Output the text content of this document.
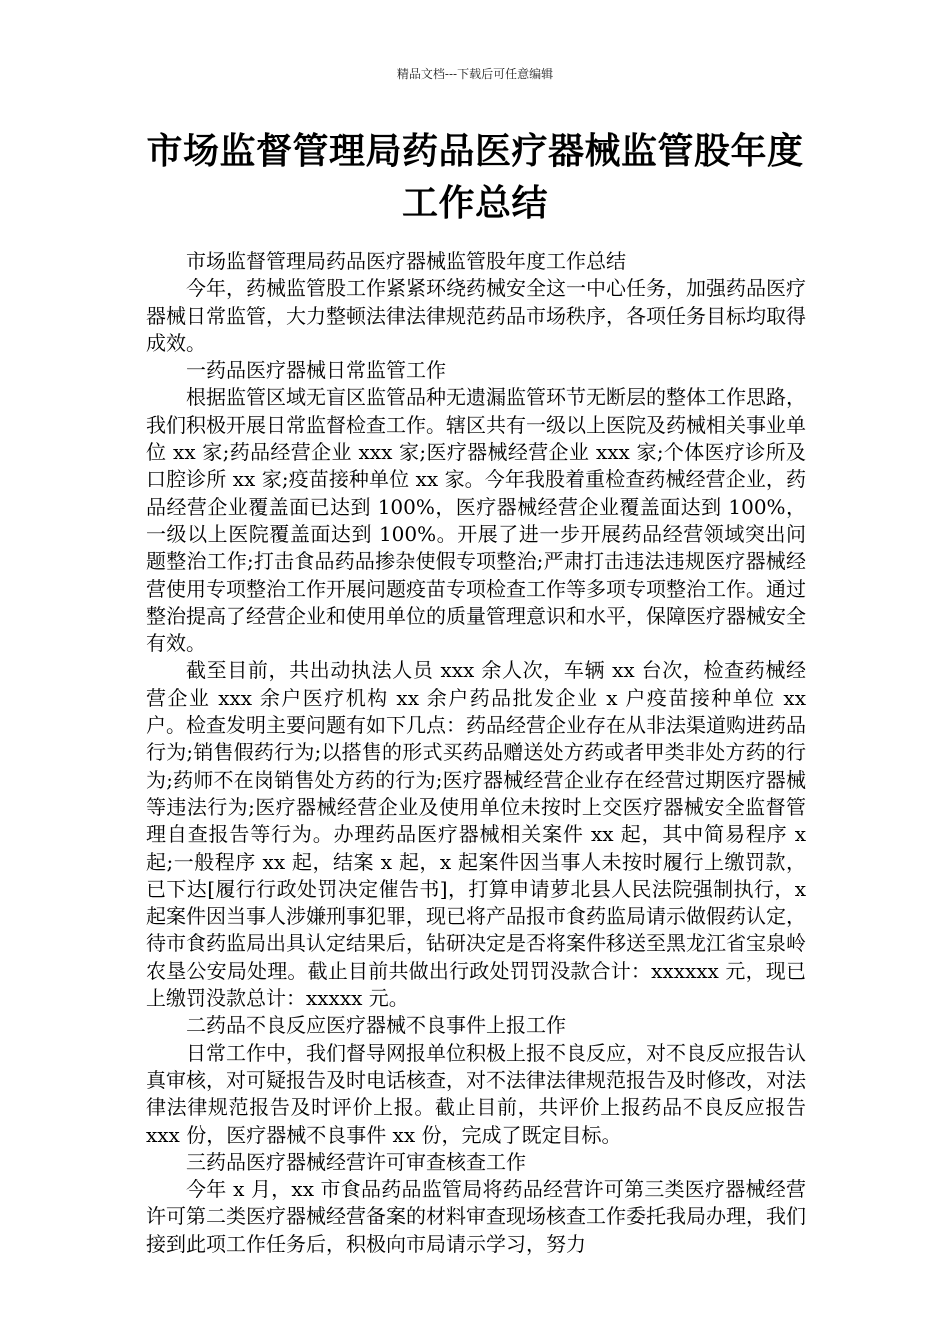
精品文档---下载后可任意编辑
市场监督管理局药品医疗器械监管股年度工作总结

市场监督管理局药品医疗器械监管股年度工作总结

今年，药械监管股工作紧紧环绕药械安全这一中心任务，加强药品医疗器械日常监管，大力整顿法律法律规范药品市场秩序，各项任务目标均取得成效。

一药品医疗器械日常监管工作

根据监管区域无盲区监管品种无遗漏监管环节无断层的整体工作思路，我们积极开展日常监督检查工作。辖区共有一级以上医院及药械相关事业单位 xx 家;药品经营企业 xxx 家;医疗器械经营企业 xxx 家;个体医疗诊所及口腔诊所 xx 家;疫苗接种单位 xx 家。今年我股着重检查药械经营企业，药品经营企业覆盖面已达到 100%，医疗器械经营企业覆盖面达到 100%，一级以上医院覆盖面达到 100%。开展了进一步开展药品经营领域突出问题整治工作;打击食品药品掺杂使假专项整治;严肃打击违法违规医疗器械经营使用专项整治工作开展问题疫苗专项检查工作等多项专项整治工作。通过整治提高了经营企业和使用单位的质量管理意识和水平，保障医疗器械安全有效。

截至目前，共出动执法人员 xxx 余人次，车辆 xx 台次，检查药械经营企业 xxx 余户医疗机构 xx 余户药品批发企业 x 户疫苗接种单位 xx 户。检查发明主要问题有如下几点：药品经营企业存在从非法渠道购进药品行为;销售假药行为;以搭售的形式买药品赠送处方药或者甲类非处方药的行为;药师不在岗销售处方药的行为;医疗器械经营企业存在经营过期医疗器械等违法行为;医疗器械经营企业及使用单位未按时上交医疗器械安全监督管理自查报告等行为。办理药品医疗器械相关案件 xx 起，其中简易程序 x 起;一般程序 xx 起，结案 x 起，x 起案件因当事人未按时履行上缴罚款，已下达[履行行政处罚决定催告书]，打算申请萝北县人民法院强制执行，x 起案件因当事人涉嫌刑事犯罪，现已将产品报市食药监局请示做假药认定，待市食药监局出具认定结果后，钻研决定是否将案件移送至黑龙江省宝泉岭农垦公安局处理。截止目前共做出行政处罚罚没款合计：xxxxxx 元，现已上缴罚没款总计：xxxxx 元。

二药品不良反应医疗器械不良事件上报工作

日常工作中，我们督导网报单位积极上报不良反应，对不良反应报告认真审核，对可疑报告及时电话核查，对不法律法律规范报告及时修改，对法律法律规范报告及时评价上报。截止目前，共评价上报药品不良反应报告 xxx 份，医疗器械不良事件 xx 份，完成了既定目标。

三药品医疗器械经营许可审查核查工作

今年 x 月，xx 市食品药品监管局将药品经营许可第三类医疗器械经营许可第二类医疗器械经营备案的材料审查现场核查工作委托我局办理，我们接到此项工作任务后，积极向市局请示学习，努力
